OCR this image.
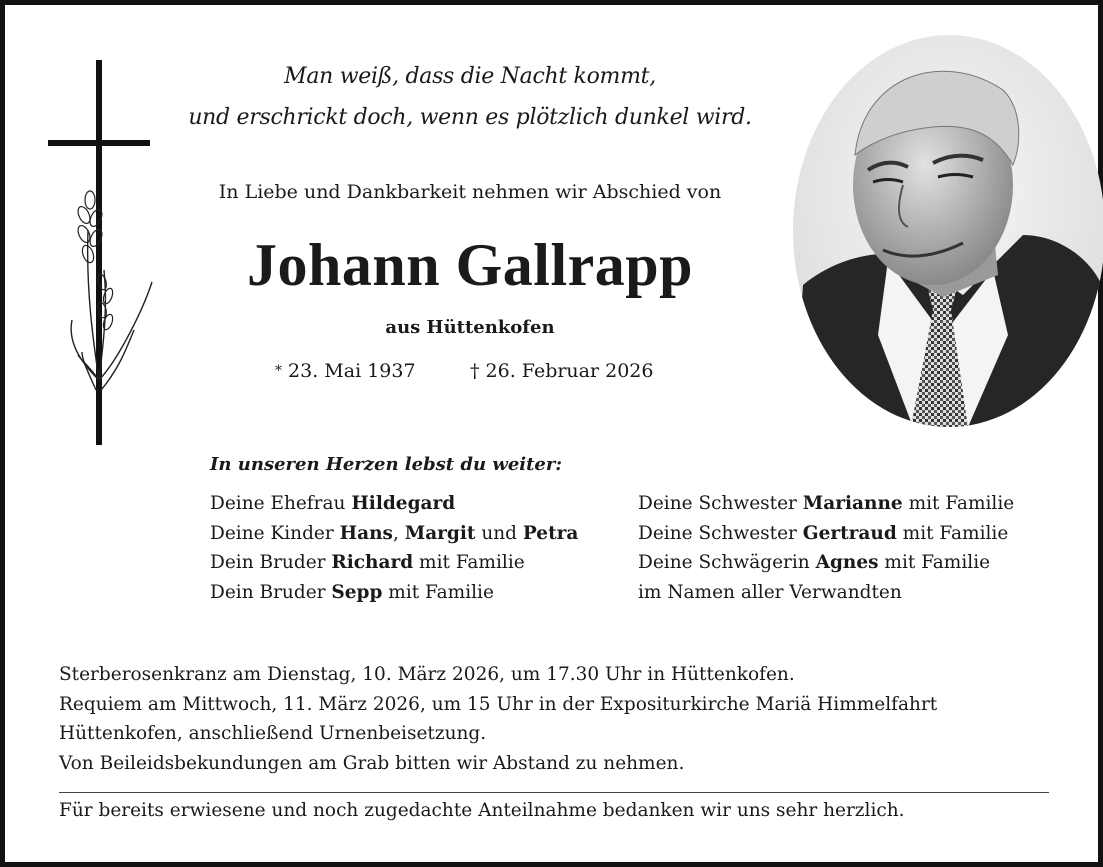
Man weiß, dass die Nacht kommt,
und erschrickt doch, wenn es plötzlich dunkel wird.
In Liebe und Dankbarkeit nehmen wir Abschied von
Johann Gallrapp
aus Hüttenkofen
* 23. Mai 1937	† 26. Februar 2026
In unseren Herzen lebst du weiter:
Deine Ehefrau Hildegard
Deine Kinder Hans, Margit und Petra
Dein Bruder Richard mit Familie
Dein Bruder Sepp mit Familie
Deine Schwester Marianne mit Familie
Deine Schwester Gertraud mit Familie
Deine Schwägerin Agnes mit Familie
im Namen aller Verwandten
Sterberosenkranz am Dienstag, 10. März 2026, um 17.30 Uhr in Hüttenkofen.
Requiem am Mittwoch, 11. März 2026, um 15 Uhr in der Expositurkirche Mariä Himmelfahrt
Hüttenkofen, anschließend Urnenbeisetzung.
Von Beileidsbekundungen am Grab bitten wir Abstand zu nehmen.
Für bereits erwiesene und noch zugedachte Anteilnahme bedanken wir uns sehr herzlich.
